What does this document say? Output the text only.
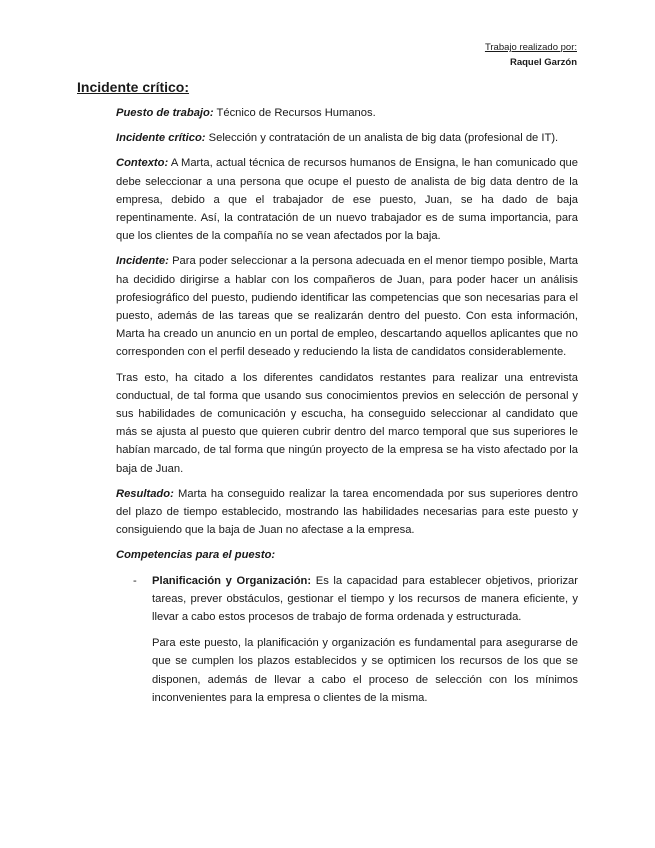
Trabajo realizado por:
Raquel Garzón
Incidente crítico:

Puesto de trabajo: Técnico de Recursos Humanos.

Incidente crítico: Selección y contratación de un analista de big data (profesional de IT).

Contexto: A Marta, actual técnica de recursos humanos de Ensigna, le han comunicado que debe seleccionar a una persona que ocupe el puesto de analista de big data dentro de la empresa, debido a que el trabajador de ese puesto, Juan, se ha dado de baja repentinamente. Así, la contratación de un nuevo trabajador es de suma importancia, para que los clientes de la compañía no se vean afectados por la baja.

Incidente: Para poder seleccionar a la persona adecuada en el menor tiempo posible, Marta ha decidido dirigirse a hablar con los compañeros de Juan, para poder hacer un análisis profesiográfico del puesto, pudiendo identificar las competencias que son necesarias para el puesto, además de las tareas que se realizarán dentro del puesto. Con esta información, Marta ha creado un anuncio en un portal de empleo, descartando aquellos aplicantes que no corresponden con el perfil deseado y reduciendo la lista de candidatos considerablemente.

Tras esto, ha citado a los diferentes candidatos restantes para realizar una entrevista conductual, de tal forma que usando sus conocimientos previos en selección de personal y sus habilidades de comunicación y escucha, ha conseguido seleccionar al candidato que más se ajusta al puesto que quieren cubrir dentro del marco temporal que sus superiores le habían marcado, de tal forma que ningún proyecto de la empresa se ha visto afectado por la baja de Juan.

Resultado: Marta ha conseguido realizar la tarea encomendada por sus superiores dentro del plazo de tiempo establecido, mostrando las habilidades necesarias para este puesto y consiguiendo que la baja de Juan no afectase a la empresa.

Competencias para el puesto:

- Planificación y Organización: Es la capacidad para establecer objetivos, priorizar tareas, prever obstáculos, gestionar el tiempo y los recursos de manera eficiente, y llevar a cabo estos procesos de trabajo de forma ordenada y estructurada.

Para este puesto, la planificación y organización es fundamental para asegurarse de que se cumplen los plazos establecidos y se optimicen los recursos de los que se disponen, además de llevar a cabo el proceso de selección con los mínimos inconvenientes para la empresa o clientes de la misma.
